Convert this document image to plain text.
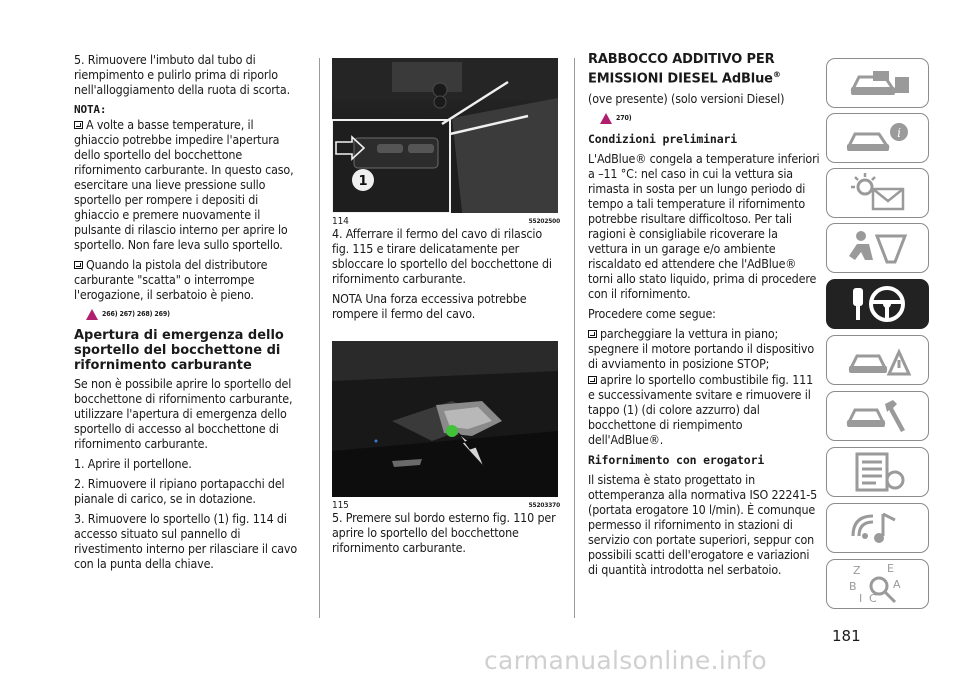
5. Rimuovere l'imbuto dal tubo di riempimento e pulirlo prima di riporlo nell'alloggiamento della ruota di scorta.

NOTA:

A volte a basse temperature, il ghiaccio potrebbe impedire l'apertura dello sportello del bocchettone rifornimento carburante. In questo caso, esercitare una lieve pressione sullo sportello per rompere i depositi di ghiaccio e premere nuovamente il pulsante di rilascio interno per aprire lo sportello. Non fare leva sullo sportello.

Quando la pistola del distributore carburante "scatta" o interrompe l'erogazione, il serbatoio è pieno.

266) 267) 268) 269)
Apertura di emergenza dello sportello del bocchettone di rifornimento carburante

Se non è possibile aprire lo sportello del bocchettone di rifornimento carburante, utilizzare l'apertura di emergenza dello sportello di accesso al bocchettone di rifornimento carburante.

1. Aprire il portellone.

2. Rimuovere il ripiano portapacchi del pianale di carico, se in dotazione.

3. Rimuovere lo sportello (1) fig. 114 di accesso situato sul pannello di rivestimento interno per rilasciare il cavo con la punta della chiave.

1
114	55202500

4. Afferrare il fermo del cavo di rilascio fig. 115 e tirare delicatamente per sbloccare lo sportello del bocchettone di rifornimento carburante.

NOTA Una forza eccessiva potrebbe rompere il fermo del cavo.

115	55203370

5. Premere sul bordo esterno fig. 110 per aprire lo sportello del bocchettone rifornimento carburante.

RABBOCCO ADDITIVO PER EMISSIONI DIESEL AdBlue®

(ove presente) (solo versioni Diesel)

270)
Condizioni preliminari

L'AdBlue® congela a temperature inferiori a –11 °C: nel caso in cui la vettura sia rimasta in sosta per un lungo periodo di tempo a tali temperature il rifornimento potrebbe risultare difficoltoso. Per tali ragioni è consigliabile ricoverare la vettura in un garage e/o ambiente riscaldato ed attendere che l'AdBlue® torni allo stato liquido, prima di procedere con il rifornimento.

Procedere come segue:

parcheggiare la vettura in piano; spegnere il motore portando il dispositivo di avviamento in posizione STOP;

aprire lo sportello combustibile fig. 111 e successivamente svitare e rimuovere il tappo (1) (di colore azzurro) dal bocchettone di riempimento dell'AdBlue®.

Rifornimento con erogatori

Il sistema è stato progettato in ottemperanza alla normativa ISO 22241-5 (portata erogatore 10 l/min). È comunque permesso il rifornimento in stazioni di servizio con portate superiori, seppur con possibili scatti dell'erogatore e variazioni di quantità introdotta nel serbatoio.

i
Z E
B	A
I C
181
carmanualsonline.info
